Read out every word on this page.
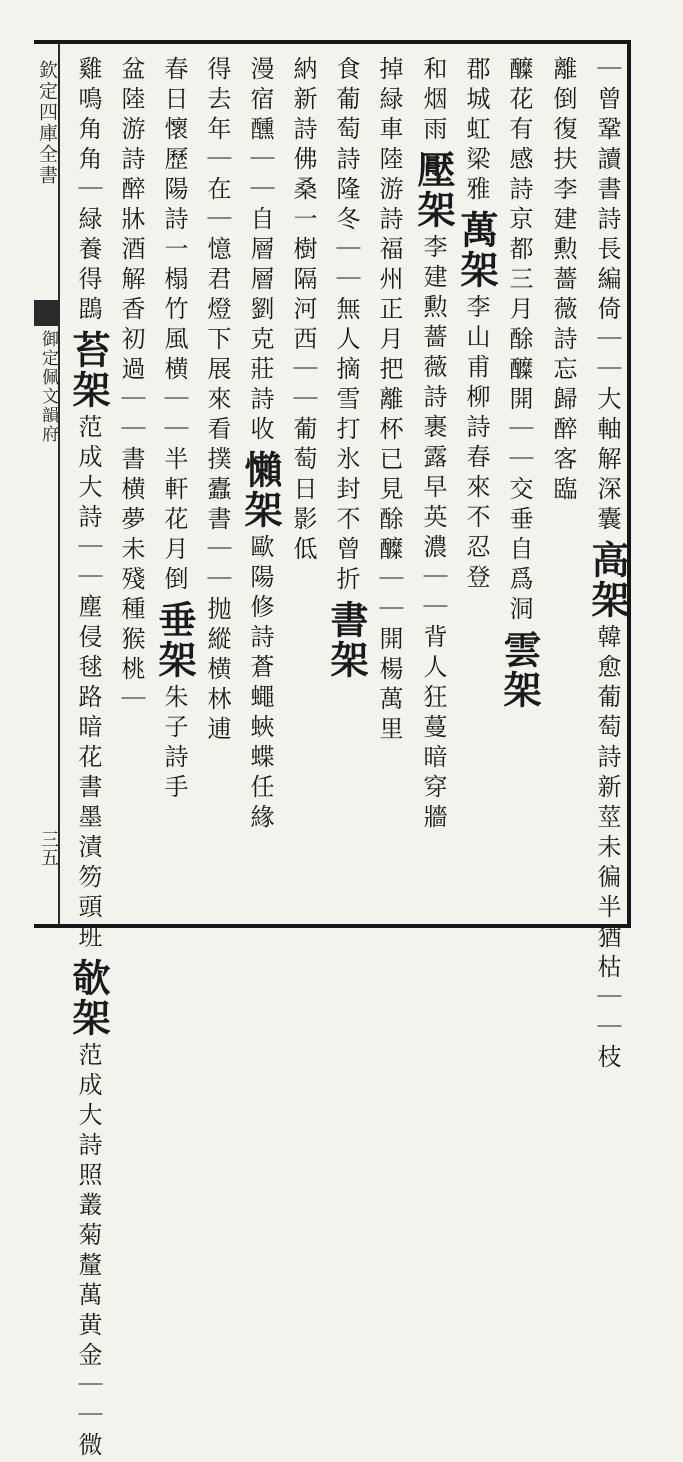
欽定四庫全書
御定佩文韻府
三五
｜曾鞏讀書詩長編倚｜｜大軸解深囊高架韓愈葡萄詩新莖未徧半猶枯｜｜枝
離倒復扶李建勲薔薇詩忘歸醉客臨
醾花有感詩京都三月酴醾開｜｜交垂自爲洞雲架
郡城虹梁雅萬架李山甫柳詩春來不忍登
和烟雨壓架李建勲薔薇詩裹露早英濃｜｜背人狂蔓暗穿牆
掉緑車陸游詩福州正月把離杯已見酴醾｜｜開楊萬里
食葡萄詩隆冬｜｜無人摘雪打氷封不曾折書架
納新詩佛桑一樹隔河西｜｜葡萄日影低
漫宿醺｜｜自層層劉克莊詩收懶架歐陽修詩蒼蠅蛺蝶任緣
得去年｜在｜憶君燈下展來看撲蠹書｜｜抛縱横林逋
春日懷歷陽詩一榻竹風横｜｜半軒花月倒垂架朱子詩手
盆陸游詩醉牀酒解香初過｜｜書横夢未殘種猴桃｜
雞鳴角角｜緑養得鵾苔架范成大詩｜｜塵侵毬路暗花書墨漬笏頭班欹架范成大詩照叢菊釐萬黄金｜｜微
